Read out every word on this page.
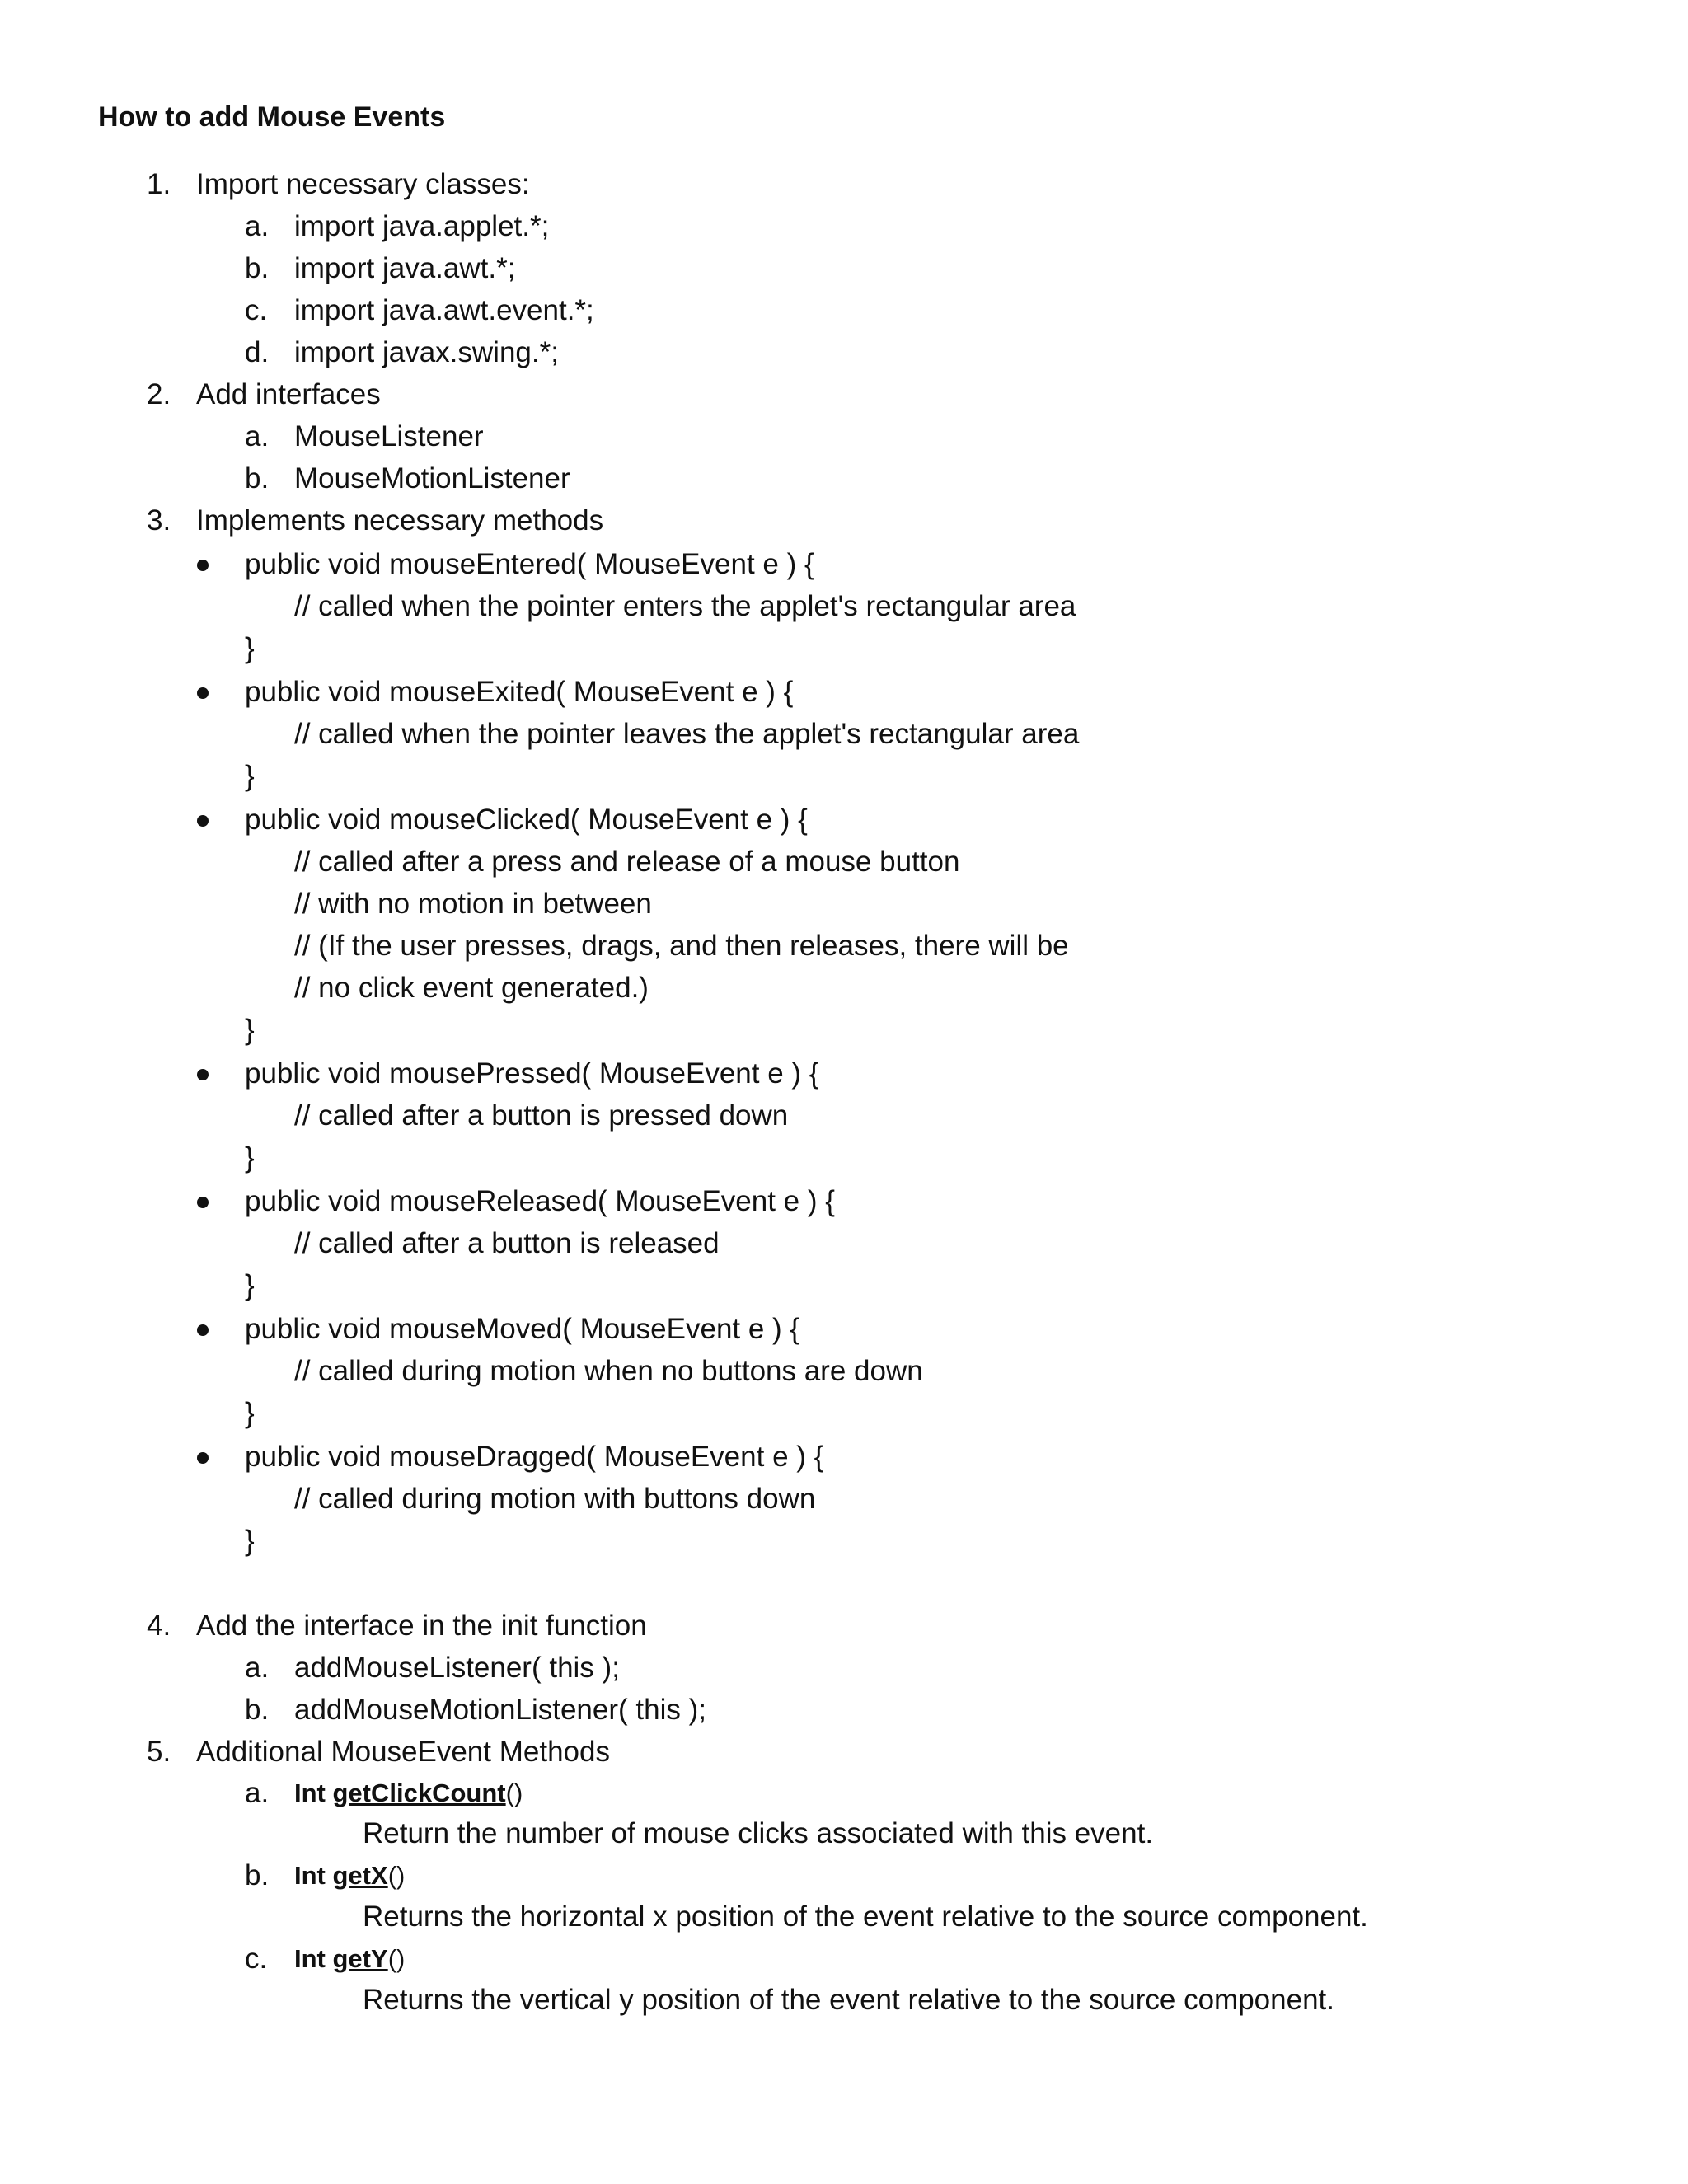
How to add Mouse Events
1. Import necessary classes:
a. import java.applet.*;
b. import java.awt.*;
c. import java.awt.event.*;
d. import javax.swing.*;
2. Add interfaces
a. MouseListener
b. MouseMotionListener
3. Implements necessary methods
public void mouseEntered( MouseEvent e ) {
// called when the pointer enters the applet's rectangular area
}
public void mouseExited( MouseEvent e ) {
// called when the pointer leaves the applet's rectangular area
}
public void mouseClicked( MouseEvent e ) {
// called after a press and release of a mouse button
// with no motion in between
// (If the user presses, drags, and then releases, there will be
// no click event generated.)
}
public void mousePressed( MouseEvent e ) {
// called after a button is pressed down
}
public void mouseReleased( MouseEvent e ) {
// called after a button is released
}
public void mouseMoved( MouseEvent e ) {
// called during motion when no buttons are down
}
public void mouseDragged( MouseEvent e ) {
// called during motion with buttons down
}
4. Add the interface in the init function
a. addMouseListener( this );
b. addMouseMotionListener( this );
5. Additional MouseEvent Methods
a. Int getClickCount()
Return the number of mouse clicks associated with this event.
b. Int getX()
Returns the horizontal x position of the event relative to the source component.
c. Int getY()
Returns the vertical y position of the event relative to the source component.
